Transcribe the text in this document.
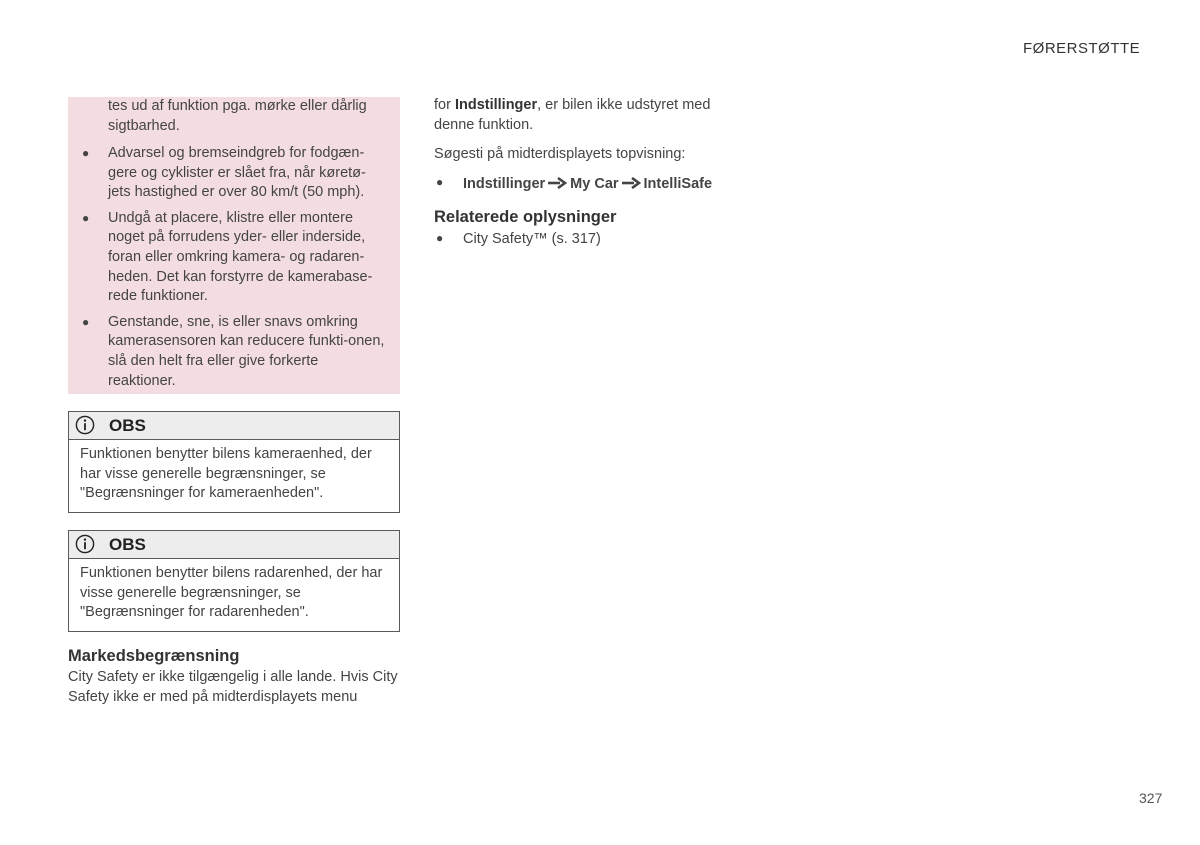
FØRERSTØTTE
tes ud af funktion pga. mørke eller dårlig sigtbarhed.
● Advarsel og bremseindgreb for fodgæn-gere og cyklister er slået fra, når køretø-jets hastighed er over 80 km/t (50 mph).
● Undgå at placere, klistre eller montere noget på forrudens yder- eller inderside, foran eller omkring kamera- og radaren-heden. Det kan forstyrre de kamerabase-rede funktioner.
● Genstande, sne, is eller snavs omkring kamerasensoren kan reducere funkti-onen, slå den helt fra eller give forkerte reaktioner.
OBS
Funktionen benytter bilens kameraenhed, der har visse generelle begrænsninger, se "Begrænsninger for kameraenheden".
OBS
Funktionen benytter bilens radarenhed, der har visse generelle begrænsninger, se "Begrænsninger for radarenheden".
Markedsbegrænsning
City Safety er ikke tilgængelig i alle lande. Hvis City Safety ikke er med på midterdisplayets menu
for Indstillinger, er bilen ikke udstyret med denne funktion.
Søgesti på midterdisplayets topvisning:
● Indstillinger My Car IntelliSafe
Relaterede oplysninger
● City Safety™ (s. 317)
327
